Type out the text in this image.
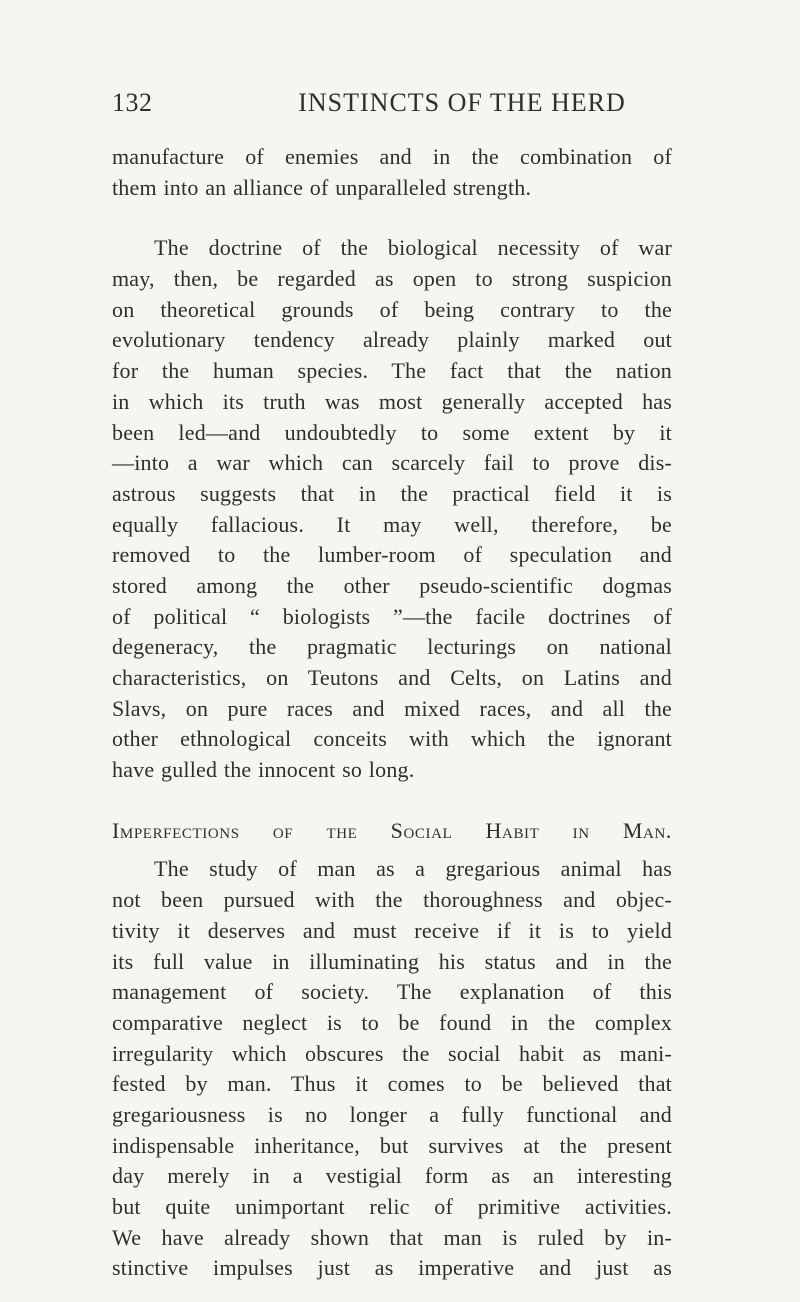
132	INSTINCTS OF THE HERD
manufacture of enemies and in the combination of
them into an alliance of unparalleled strength.
The doctrine of the biological necessity of war
may, then, be regarded as open to strong suspicion
on theoretical grounds of being contrary to the
evolutionary tendency already plainly marked out
for the human species. The fact that the nation
in which its truth was most generally accepted has
been led—and undoubtedly to some extent by it
—into a war which can scarcely fail to prove dis-
astrous suggests that in the practical field it is
equally fallacious. It may well, therefore, be
removed to the lumber-room of speculation and
stored among the other pseudo-scientific dogmas
of political “ biologists ”—the facile doctrines of
degeneracy, the pragmatic lecturings on national
characteristics, on Teutons and Celts, on Latins and
Slavs, on pure races and mixed races, and all the
other ethnological conceits with which the ignorant
have gulled the innocent so long.
Imperfections of the Social Habit in Man.
The study of man as a gregarious animal has
not been pursued with the thoroughness and objec-
tivity it deserves and must receive if it is to yield
its full value in illuminating his status and in the
management of society. The explanation of this
comparative neglect is to be found in the complex
irregularity which obscures the social habit as mani-
fested by man. Thus it comes to be believed that
gregariousness is no longer a fully functional and
indispensable inheritance, but survives at the present
day merely in a vestigial form as an interesting
but quite unimportant relic of primitive activities.
We have already shown that man is ruled by in-
stinctive impulses just as imperative and just as
